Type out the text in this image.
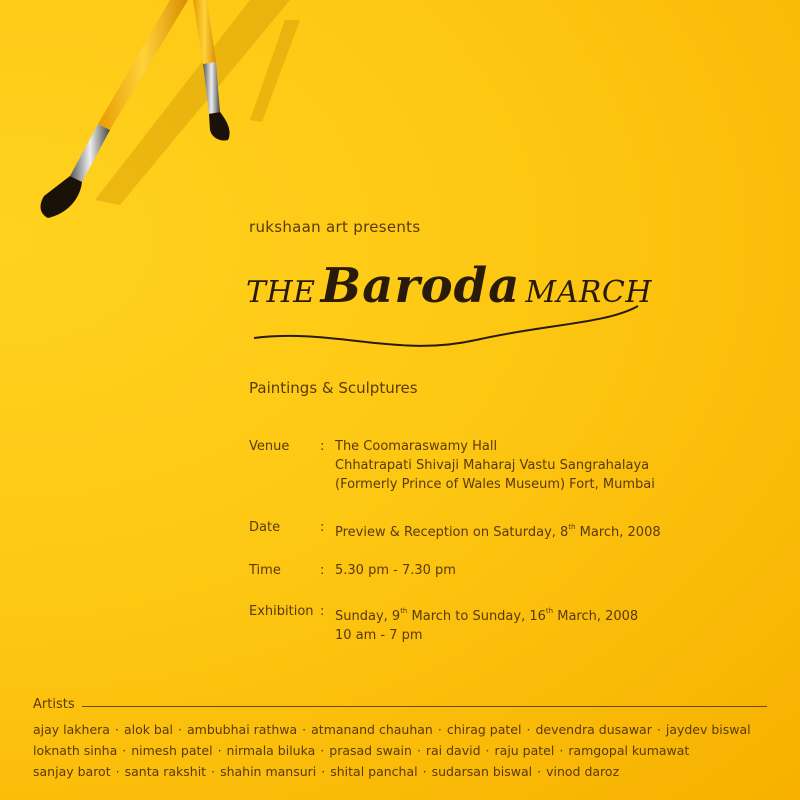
rukshaan art presents
THE Baroda MARCH
Paintings & Sculptures
Venue	: The Coomaraswamy Hall
Chhatrapati Shivaji Maharaj Vastu Sangrahalaya
(Formerly Prince of Wales Museum) Fort, Mumbai
Date	: Preview & Reception on Saturday, 8th March, 2008
Time	: 5.30 pm - 7.30 pm
Exhibition : Sunday, 9th March to Sunday, 16th March, 2008
10 am - 7 pm
Artists
ajay lakhera · alok bal · ambubhai rathwa · atmanand chauhan · chirag patel · devendra dusawar · jaydev biswal
loknath sinha · nimesh patel · nirmala biluka · prasad swain · rai david · raju patel · ramgopal kumawat
sanjay barot · santa rakshit · shahin mansuri · shital panchal · sudarsan biswal · vinod daroz
